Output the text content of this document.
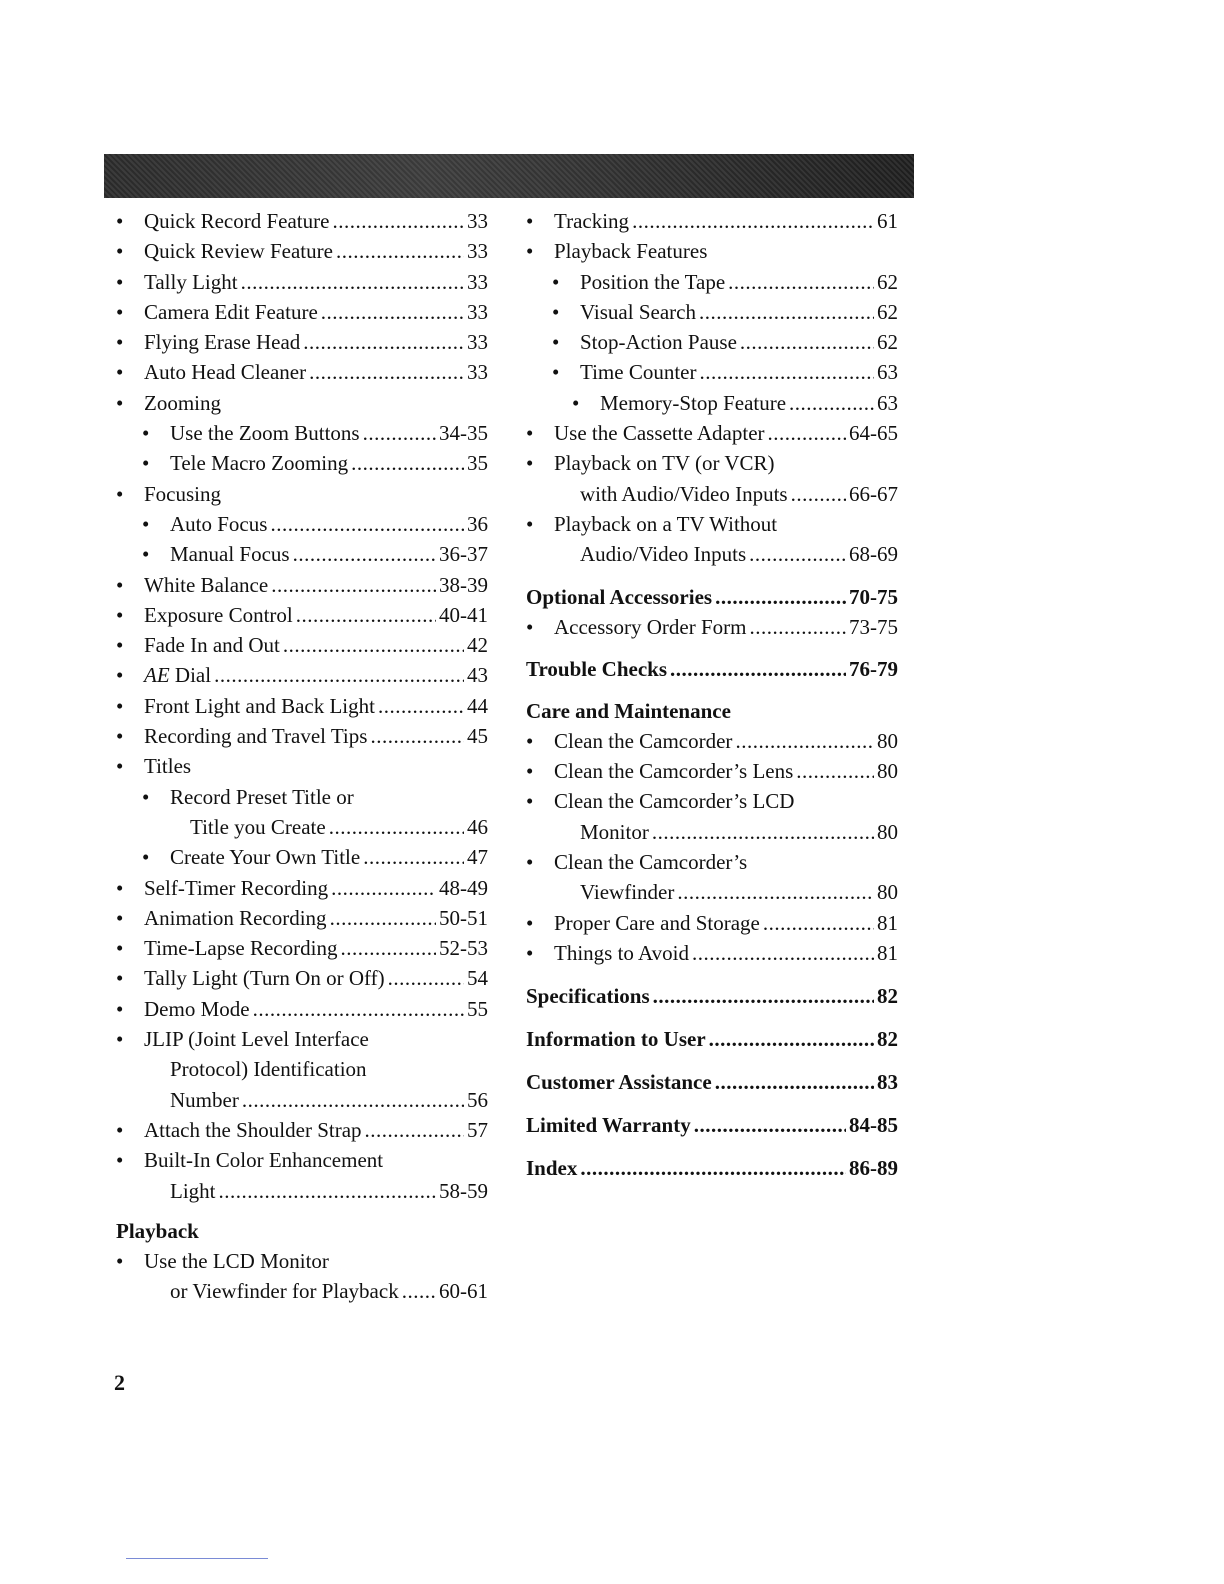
• Quick Record Feature .....	33
• Quick Review Feature .....	33
• Tally Light .....	33
• Camera Edit Feature .....	33
• Flying Erase Head .....	33
• Auto Head Cleaner .....	33
• Zooming
• Use the Zoom Buttons .....	34-35
• Tele Macro Zooming .....	35
• Focusing
• Auto Focus .....	36
• Manual Focus .....	36-37
• White Balance .....	38-39
• Exposure Control .....	40-41
• Fade In and Out .....	42
• AE Dial .....	43
• Front Light and Back Light .....	44
• Recording and Travel Tips .....	45
• Titles
• Record Preset Title or
Title you Create .....	46
• Create Your Own Title .....	47
• Self-Timer Recording .....	48-49
• Animation Recording .....	50-51
• Time-Lapse Recording .....	52-53
• Tally Light (Turn On or Off) .....	54
• Demo Mode .....	55
• JLIP (Joint Level Interface
Protocol) Identification
Number .....	56
• Attach the Shoulder Strap .....	57
• Built-In Color Enhancement
Light .....	58-59
Playback
• Use the LCD Monitor
or Viewfinder for Playback ..... 60-61
• Tracking .....	61
• Playback Features
• Position the Tape .....	62
• Visual Search .....	62
• Stop-Action Pause .....	62
• Time Counter .....	63
• Memory-Stop Feature .....	63
• Use the Cassette Adapter .....	64-65
• Playback on TV (or VCR)
with Audio/Video Inputs .....	66-67
• Playback on a TV Without
Audio/Video Inputs .....	68-69
Optional Accessories .....	70-75
• Accessory Order Form .....	73-75
Trouble Checks .....	76-79
Care and Maintenance
• Clean the Camcorder .....	80
• Clean the Camcorder’s Lens .....	80
• Clean the Camcorder’s LCD
Monitor .....	80
• Clean the Camcorder’s
Viewfinder .....	80
• Proper Care and Storage .....	81
• Things to Avoid .....	81
Specifications .....	82
Information to User .....	82
Customer Assistance .....	83
Limited Warranty .....	84-85
Index .....	86-89
2
